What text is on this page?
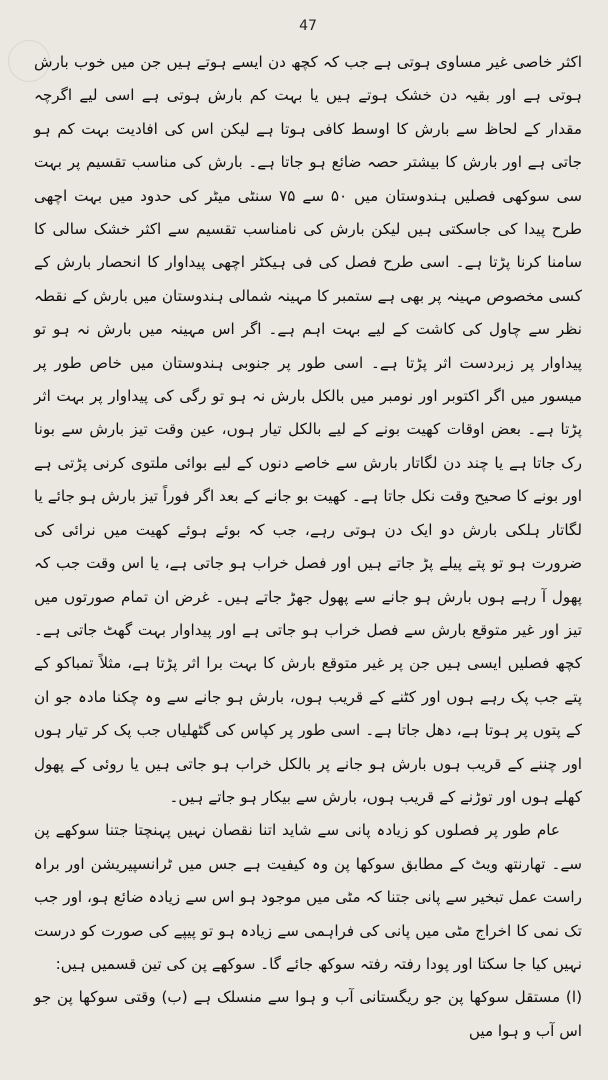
47

اکثر خاصی غیر مساوی ہوتی ہے جب کہ کچھ دن ایسے ہوتے ہیں جن میں خوب بارش ہوتی ہے اور بقیہ دن خشک ہوتے ہیں یا بہت کم بارش ہوتی ہے اسی لیے اگرچہ مقدار کے لحاظ سے بارش کا اوسط کافی ہوتا ہے لیکن اس کی افادیت بہت کم ہو جاتی ہے اور بارش کا بیشتر حصہ ضائع ہو جاتا ہے۔ بارش کی مناسب تقسیم پر بہت سی سوکھی فصلیں ہندوستان میں ۵۰ سے ۷۵ سنٹی میٹر کی حدود میں بہت اچھی طرح پیدا کی جاسکتی ہیں لیکن بارش کی نامناسب تقسیم سے اکثر خشک سالی کا سامنا کرنا پڑتا ہے۔ اسی طرح فصل کی فی ہیکٹر اچھی پیداوار کا انحصار بارش کے کسی مخصوص مہینہ پر بھی ہے ستمبر کا مہینہ شمالی ہندوستان میں بارش کے نقطہ نظر سے چاول کی کاشت کے لیے بہت اہم ہے۔ اگر اس مہینہ میں بارش نہ ہو تو پیداوار پر زبردست اثر پڑتا ہے۔ اسی طور پر جنوبی ہندوستان میں خاص طور پر میسور میں اگر اکتوبر اور نومبر میں بالکل بارش نہ ہو تو رگی کی پیداوار پر بہت اثر پڑتا ہے۔ بعض اوقات کھیت بونے کے لیے بالکل تیار ہوں، عین وقت تیز بارش سے بونا رک جاتا ہے یا چند دن لگاتار بارش سے خاصے دنوں کے لیے بوائی ملتوی کرنی پڑتی ہے اور بونے کا صحیح وقت نکل جاتا ہے۔ کھیت بو جانے کے بعد اگر فوراً تیز بارش ہو جائے یا لگاتار ہلکی بارش دو ایک دن ہوتی رہے، جب کہ بوئے ہوئے کھیت میں نرائی کی ضرورت ہو تو پتے پیلے پڑ جاتے ہیں اور فصل خراب ہو جاتی ہے، یا اس وقت جب کہ پھول آ رہے ہوں بارش ہو جانے سے پھول جھڑ جاتے ہیں۔ غرض ان تمام صورتوں میں تیز اور غیر متوقع بارش سے فصل خراب ہو جاتی ہے اور پیداوار بہت گھٹ جاتی ہے۔ کچھ فصلیں ایسی ہیں جن پر غیر متوقع بارش کا بہت برا اثر پڑتا ہے، مثلاً تمباکو کے پتے جب پک رہے ہوں اور کٹنے کے قریب ہوں، بارش ہو جانے سے وہ چکنا مادہ جو ان کے پتوں پر ہوتا ہے، دھل جاتا ہے۔ اسی طور پر کپاس کی گٹھلیاں جب پک کر تیار ہوں اور چننے کے قریب ہوں بارش ہو جانے پر بالکل خراب ہو جاتی ہیں یا روئی کے پھول کھلے ہوں اور توڑنے کے قریب ہوں، بارش سے بیکار ہو جاتے ہیں۔

عام طور پر فصلوں کو زیادہ پانی سے شاید اتنا نقصان نہیں پہنچتا جتنا سوکھے پن سے۔ تھارنتھ ویٹ کے مطابق سوکھا پن وہ کیفیت ہے جس میں ٹرانسپیریشن اور براہ راست عمل تبخیر سے پانی جتنا کہ مٹی میں موجود ہو اس سے زیادہ ضائع ہو، اور جب تک نمی کا اخراج مٹی میں پانی کی فراہمی سے زیادہ ہو تو پیپے کی صورت کو درست نہیں کیا جا سکتا اور پودا رفتہ رفتہ سوکھ جائے گا۔ سوکھے پن کی تین قسمیں ہیں:

(ا) مستقل سوکھا پن جو ریگستانی آب و ہوا سے منسلک ہے (ب) وقتی سوکھا پن جو اس آب و ہوا میں
